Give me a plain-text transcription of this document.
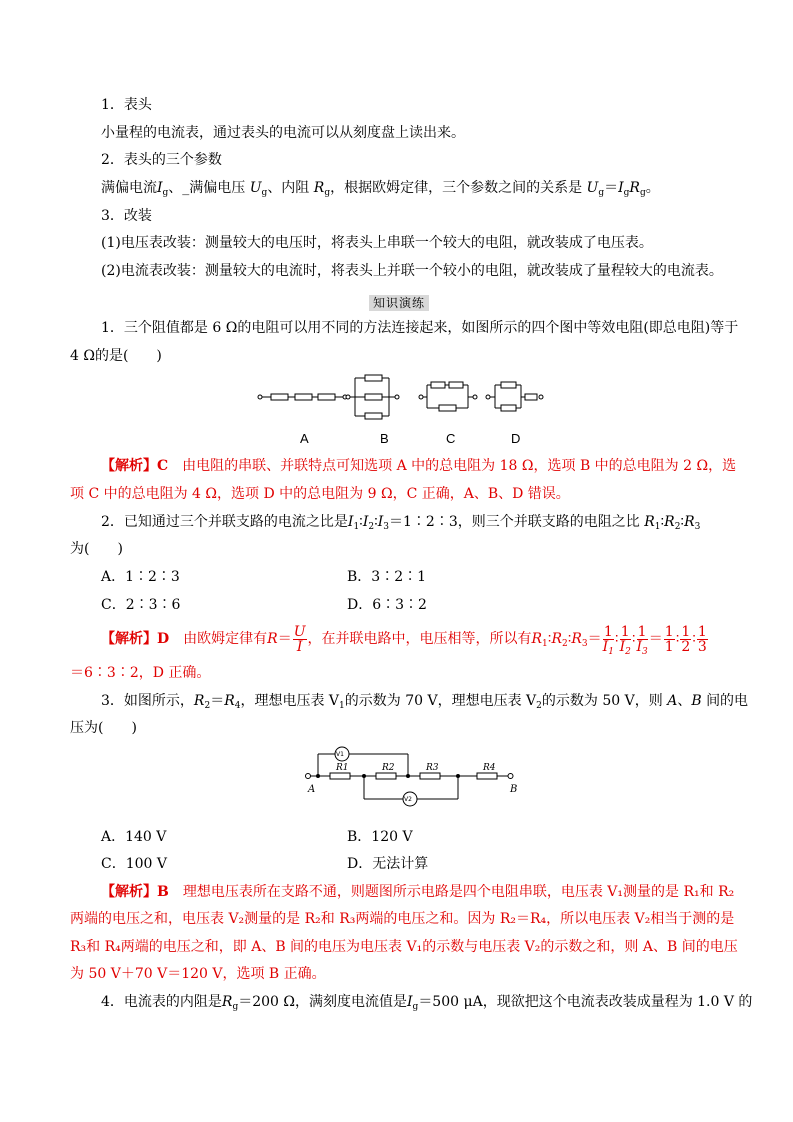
1．表头
小量程的电流表，通过表头的电流可以从刻度盘上读出来。
2．表头的三个参数
满偏电流$I_g$、_满偏电压 $U_g$、内阻 $R_g$，根据欧姆定律，三个参数之间的关系是 $U_g=I_gR_g$。
3．改装
(1)电压表改装：测量较大的电压时，将表头上串联一个较大的电阻，就改装成了电压表。
(2)电流表改装：测量较大的电流时，将表头上并联一个较小的电阻，就改装成了量程较大的电流表。
知识演练
1．三个阻值都是 6 Ω的电阻可以用不同的方法连接起来，如图所示的四个图中等效电阻(即总电阻)等于
4 Ω的是(　　)
A	B	C	D
【解析】C　由电阻的串联、并联特点可知选项 A 中的总电阻为 18 Ω，选项 B 中的总电阻为 2 Ω，选
项 C 中的总电阻为 4 Ω，选项 D 中的总电阻为 9 Ω，C 正确，A、B、D 错误。
2．已知通过三个并联支路的电流之比是$I_1∶I_2∶I_3=1∶2∶3$，则三个并联支路的电阻之比 $R_1∶R_2∶R_3$
为(　　)
A．1∶2∶3	B．3∶2∶1
C．2∶3∶6	D．6∶3∶2
【解析】D　由欧姆定律有$R= \frac{U}{I}$ ，在并联电路中，电压相等，所以有$R_1∶R_2∶R_3= \frac{1}{I_1}$ ∶ $\frac{1}{I_2}$ ∶ $\frac{1}{I_3} = \frac{1}{1}$ ∶ $\frac{1}{2}$ ∶ $\frac{1}{3}$
＝6∶3∶2，D 正确。
3．如图所示，$R_2=R_4$，理想电压表 $V_1$的示数为 70 V，理想电压表 $V_2$的示数为 50 V，则 A、B 间的电
压为(　　)
R1	R2	R3	R4
A	B
V1
V2
A．140 V	B．120 V
C．100 V	D．无法计算
【解析】B　理想电压表所在支路不通，则题图所示电路是四个电阻串联，电压表 V₁测量的是 R₁和 R₂
两端的电压之和，电压表 V₂测量的是 R₂和 R₃两端的电压之和。因为 R₂＝R₄，所以电压表 V₂相当于测的是
R₃和 R₄两端的电压之和，即 A、B 间的电压为电压表 V₁的示数与电压表 V₂的示数之和，则 A、B 间的电压
为 50 V＋70 V＝120 V，选项 B 正确。
4．电流表的内阻是$R_g=200$ Ω，满刻度电流值是$I_g=500$ μA，现欲把这个电流表改装成量程为 1.0 V 的
